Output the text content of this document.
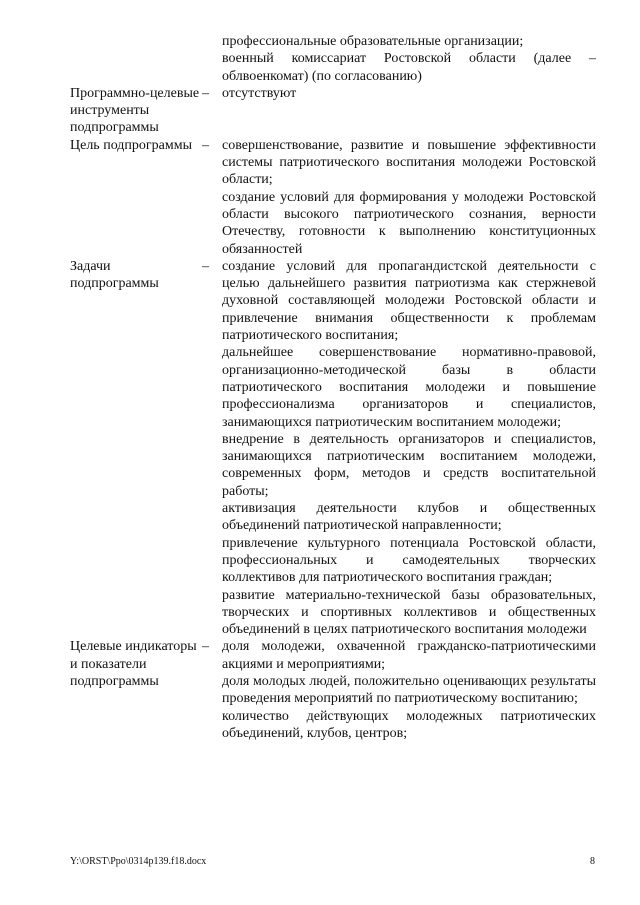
профессиональные образовательные организации;

военный комиссариат Ростовской области (далее – облвоенкомат) (по согласованию)

Программно-целевые инструменты подпрограммы
– отсутствуют

Цель подпрограммы – совершенствование, развитие и повышение эффективности системы патриотического воспитания молодежи Ростовской области;

создание условий для формирования у молодежи Ростовской области высокого патриотического сознания, верности Отечеству, готовности к выполнению конституционных обязанностей

Задачи подпрограммы
– создание условий для пропагандистской деятельности с целью дальнейшего развития патриотизма как стержневой духовной составляющей молодежи Ростовской области и привлечение внимания общественности к проблемам патриотического воспитания;

дальнейшее совершенствование нормативно-правовой, организационно-методической базы в области патриотического воспитания молодежи и повышение профессионализма организаторов и специалистов, занимающихся патриотическим воспитанием молодежи;

внедрение в деятельность организаторов и специалистов, занимающихся патриотическим воспитанием молодежи, современных форм, методов и средств воспитательной работы;

активизация деятельности клубов и общественных объединений патриотической направленности;

привлечение культурного потенциала Ростовской области, профессиональных и самодеятельных творческих коллективов для патриотического воспитания граждан;

развитие материально-технической базы образовательных, творческих и спортивных коллективов и общественных объединений в целях патриотического воспитания молодежи

Целевые индикаторы и показатели подпрограммы
– доля молодежи, охваченной гражданско-патриотическими акциями и мероприятиями;

доля молодых людей, положительно оценивающих результаты проведения мероприятий по патриотическому воспитанию;

количество действующих молодежных патриотических объединений, клубов, центров;

Y:\ORST\Ppo\0314p139.f18.docx	8
